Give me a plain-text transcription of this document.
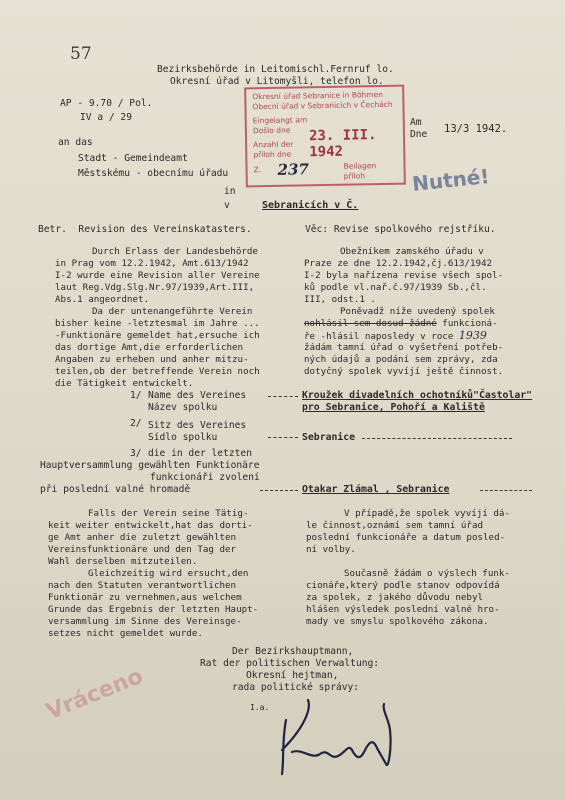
57
Bezirksbehörde in Leitomischl.Fernruf lo.
Okresní úřad v Litomyšli, telefon lo.
AP - 9.70 / Pol.
IV a / 29
Okresní úřad Sebranice in Böhmen
Obecní úřad v Sebranicích v Čechách
Eingelangt am
Došlo dne 23. III. 1942
Anzahl der
příloh dne
Z. 237	Beilagen
příloh
Am
Dne 13/3 1942.
Nutné!
an das
Stadt - Gemeindeamt
Městskému - obecnímu úřadu
in
v	Sebranicích v Č.
Betr.  Revision des Vereinskatasters.	Věc: Revise spolkového rejstříku.
Durch Erlass der Landesbehörde
in Prag vom 12.2.1942, Amt.613/1942
I-2 wurde eine Revision aller Vereine
laut Reg.Vdg.Slg.Nr.97/1939,Art.III,
Abs.1 angeordnet.
Da der untenangeführte Verein
bisher keine -letztesmal im Jahre ...
-Funktionäre gemeldet hat,ersuche ich
das dortige Amt,die erforderlichen
Angaben zu erheben und anher mitzu-
teilen,ob der betreffende Verein noch
die Tätigkeit entwickelt.
Obežníkem zamského úřadu v
Praze ze dne 12.2.1942,čj.613/1942
I-2 byla nařízena revise všech spol-
ků podle vl.nař.č.97/1939 Sb.,čl.
III, odst.1 .
Poněvadž níže uvedený spolek
nohlásil sem dosud žádné funkcioná-
ře -hlásil naposledy v roce 1939
žádám tamní úřad o vyšetření potřeb-
ných údajů a podání sem zprávy, zda
dotyčný spolek vyvíjí ještě činnost.
1/ Name des Vereines
Název spolku
Kroužek divadelních ochotníků"Častolar"
pro Sebranice, Pohoří a Kaliště
2/ Sitz des Vereines
Sídlo spolku	Sebranice
3/ die in der letzten
Hauptversammlung gewählten Funktionäre
funkcionáři zvolení
při poslední valné hromadě	Otakar Zlámal , Sebranice
Falls der Verein seine Tätig-
keit weiter entwickelt,hat das dorti-
ge Amt anher die zuletzt gewählten
Vereinsfunktionäre und den Tag der
Wahl derselben mitzuteilen.
Gleichzeitig wird ersucht,den
nach den Statuten verantwortlichen
Funktionär zu vernehmen,aus welchem
Grunde das Ergebnis der letzten Haupt-
versammlung im Sinne des Vereinsge-
setzes nicht gemeldet wurde.
V případě,že spolek vyvíjí dá-
le činnost,oznámí sem tamní úřad
poslední funkcionáře a datum posled-
ní volby.
Současně žádám o výslech funk-
cionáře,který podle stanov odpovídá
za spolek, z jakého důvodu nebyl
hlášen výsledek poslední valné hro-
mady ve smyslu spolkového zákona.
Der Bezirkshauptmann,
Rat der politischen Verwaltung:
Okresní hejtman,
rada politické správy:
I.a.
Vráceno
